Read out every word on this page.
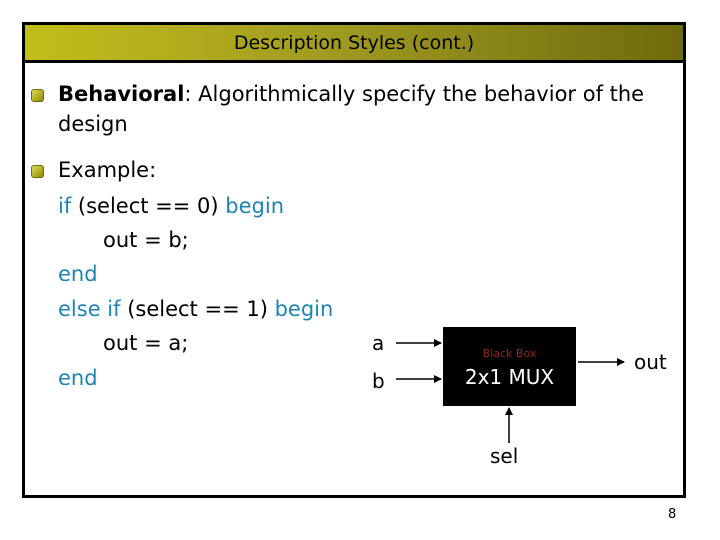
Description Styles (cont.)
Behavioral: Algorithmically specify the behavior of the
design
Example:
if (select == 0) begin
out = b;
end
else if (select == 1) begin
out = a;
end
a
b
Black Box
2x1 MUX
out
sel
8
